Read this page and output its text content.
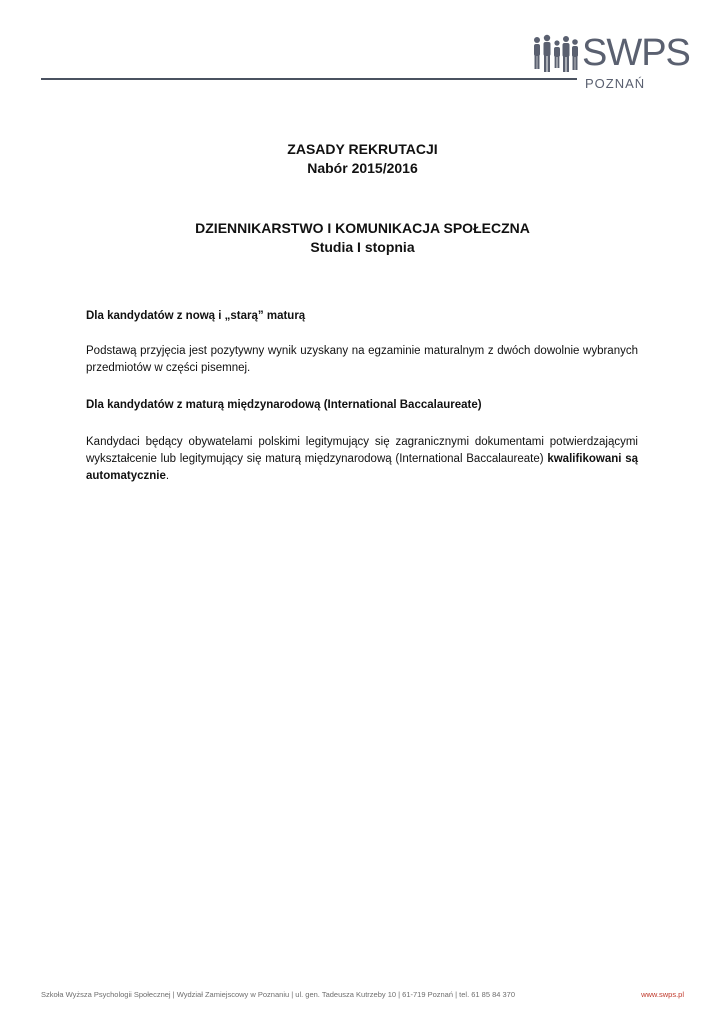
SWPS
POZNAŃ
ZASADY REKRUTACJI
Nabór 2015/2016
DZIENNIKARSTWO I KOMUNIKACJA SPOŁECZNA
Studia I stopnia

Dla kandydatów z nową i „starą” maturą

Podstawą przyjęcia jest pozytywny wynik uzyskany na egzaminie maturalnym z dwóch dowolnie wybranych przedmiotów w części pisemnej.

Dla kandydatów z maturą międzynarodową (International Baccalaureate)

Kandydaci będący obywatelami polskimi legitymujący się zagranicznymi dokumentami potwierdzającymi wykształcenie lub legitymujący się maturą międzynarodową (International Baccalaureate) kwalifikowani są automatycznie.

Szkoła Wyższa Psychologii Społecznej | Wydział Zamiejscowy w Poznaniu | ul. gen. Tadeusza Kutrzeby 10 | 61-719 Poznań | tel. 61 85 84 370	www.swps.pl
